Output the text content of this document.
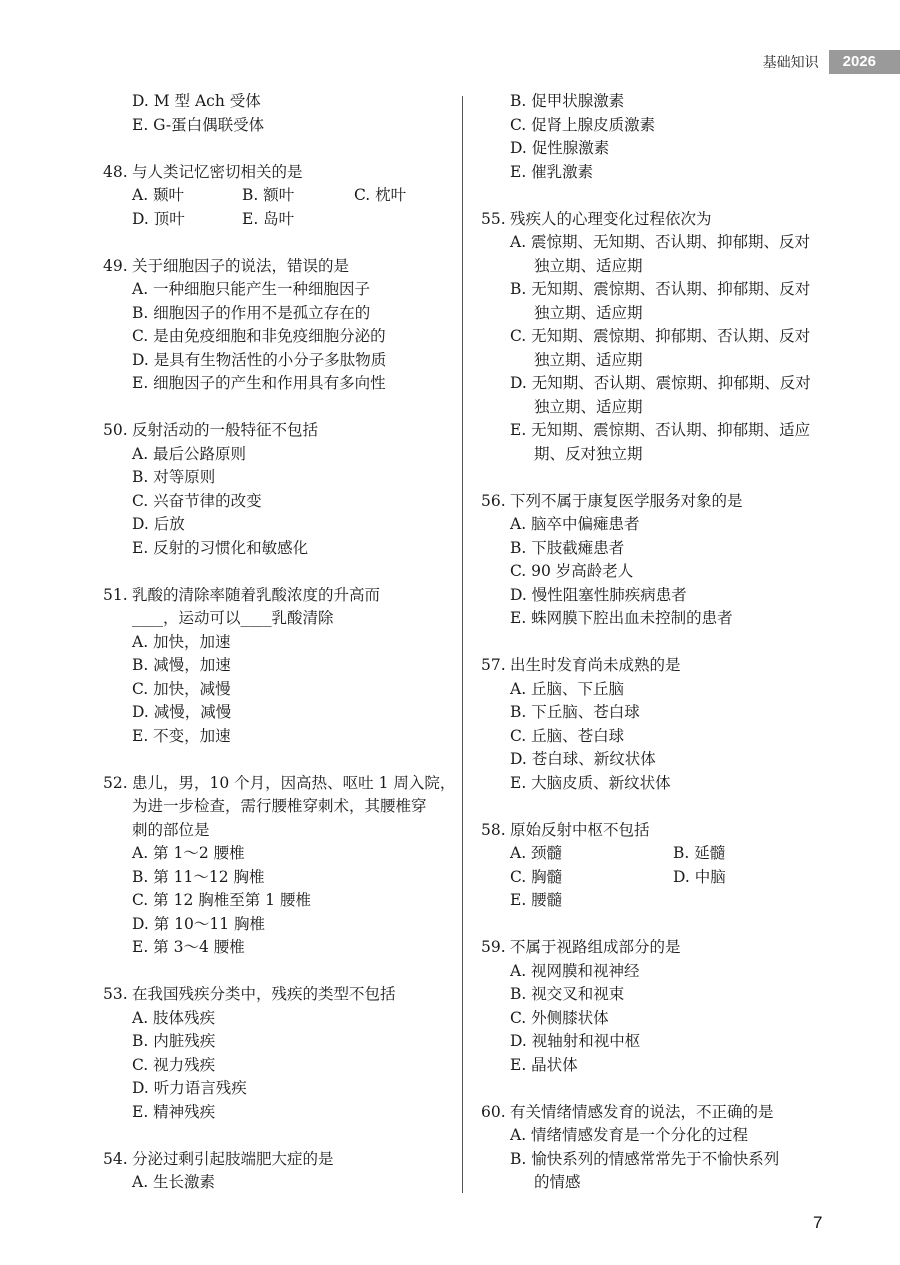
基础知识	2026
D. M 型 Ach 受体
E. G-蛋白偶联受体
48. 与人类记忆密切相关的是
A. 颞叶	B. 额叶	C. 枕叶
D. 顶叶	E. 岛叶
49. 关于细胞因子的说法，错误的是
A. 一种细胞只能产生一种细胞因子
B. 细胞因子的作用不是孤立存在的
C. 是由免疫细胞和非免疫细胞分泌的
D. 是具有生物活性的小分子多肽物质
E. 细胞因子的产生和作用具有多向性
50. 反射活动的一般特征不包括
A. 最后公路原则
B. 对等原则
C. 兴奋节律的改变
D. 后放
E. 反射的习惯化和敏感化
51. 乳酸的清除率随着乳酸浓度的升高而
____，运动可以____乳酸清除
A. 加快，加速
B. 减慢，加速
C. 加快，减慢
D. 减慢，减慢
E. 不变，加速
52. 患儿，男，10 个月，因高热、呕吐 1 周入院，
为进一步检查，需行腰椎穿刺术，其腰椎穿
刺的部位是
A. 第 1～2 腰椎
B. 第 11～12 胸椎
C. 第 12 胸椎至第 1 腰椎
D. 第 10～11 胸椎
E. 第 3～4 腰椎
53. 在我国残疾分类中，残疾的类型不包括
A. 肢体残疾
B. 内脏残疾
C. 视力残疾
D. 听力语言残疾
E. 精神残疾
54. 分泌过剩引起肢端肥大症的是
A. 生长激素
B. 促甲状腺激素
C. 促肾上腺皮质激素
D. 促性腺激素
E. 催乳激素
55. 残疾人的心理变化过程依次为
A. 震惊期、无知期、否认期、抑郁期、反对
独立期、适应期
B. 无知期、震惊期、否认期、抑郁期、反对
独立期、适应期
C. 无知期、震惊期、抑郁期、否认期、反对
独立期、适应期
D. 无知期、否认期、震惊期、抑郁期、反对
独立期、适应期
E. 无知期、震惊期、否认期、抑郁期、适应
期、反对独立期
56. 下列不属于康复医学服务对象的是
A. 脑卒中偏瘫患者
B. 下肢截瘫患者
C. 90 岁高龄老人
D. 慢性阻塞性肺疾病患者
E. 蛛网膜下腔出血未控制的患者
57. 出生时发育尚未成熟的是
A. 丘脑、下丘脑
B. 下丘脑、苍白球
C. 丘脑、苍白球
D. 苍白球、新纹状体
E. 大脑皮质、新纹状体
58. 原始反射中枢不包括
A. 颈髓	B. 延髓
C. 胸髓	D. 中脑
E. 腰髓
59. 不属于视路组成部分的是
A. 视网膜和视神经
B. 视交叉和视束
C. 外侧膝状体
D. 视轴射和视中枢
E. 晶状体
60. 有关情绪情感发育的说法，不正确的是
A. 情绪情感发育是一个分化的过程
B. 愉快系列的情感常常先于不愉快系列
的情感
7
